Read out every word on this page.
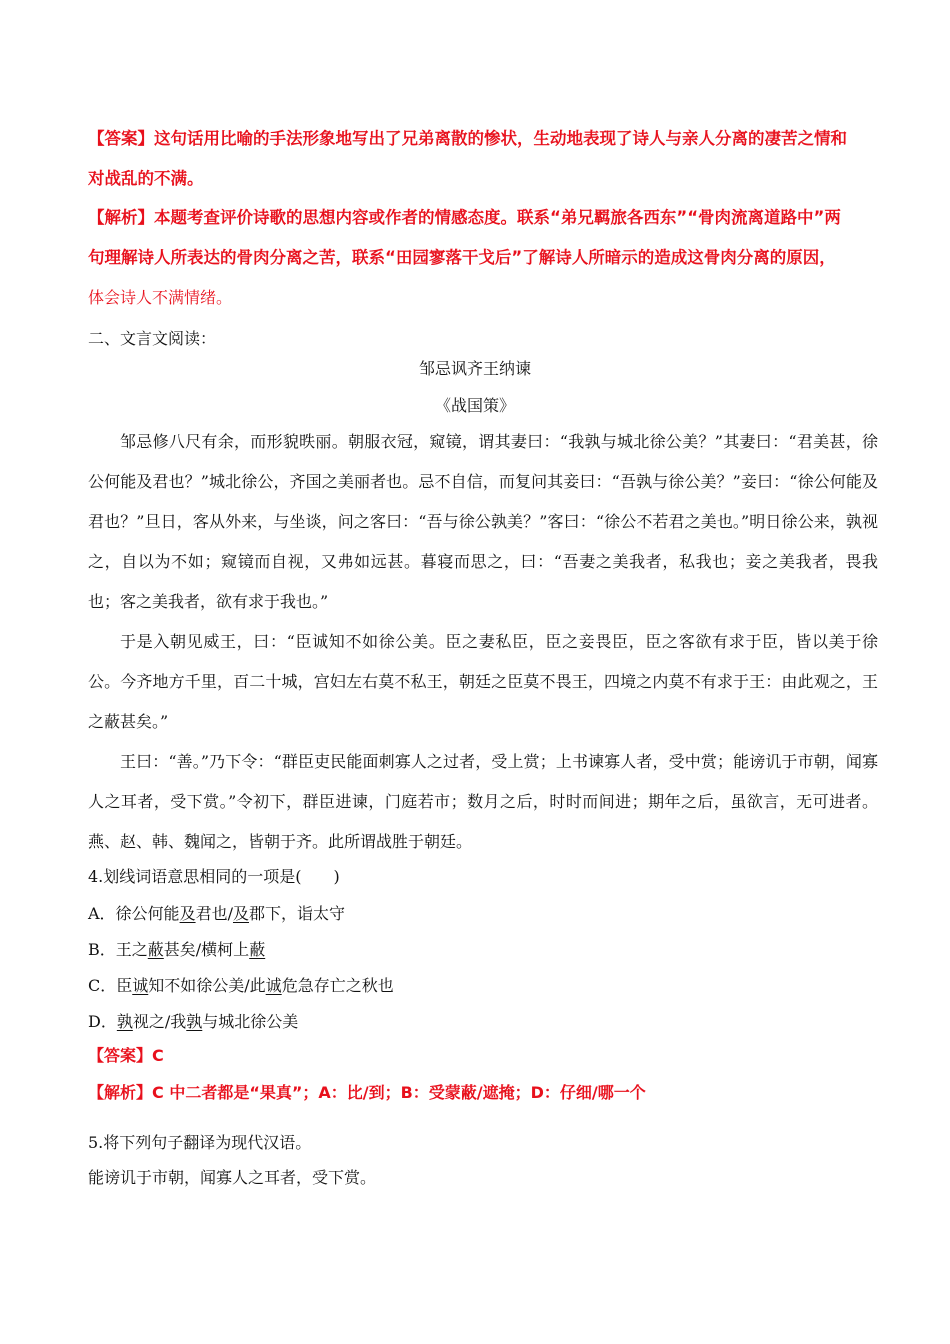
【答案】这句话用比喻的手法形象地写出了兄弟离散的惨状，生动地表现了诗人与亲人分离的凄苦之情和
对战乱的不满。
【解析】本题考查评价诗歌的思想内容或作者的情感态度。联系“弟兄羁旅各西东”“骨肉流离道路中”两
句理解诗人所表达的骨肉分离之苦，联系“田园寥落干戈后”了解诗人所暗示的造成这骨肉分离的原因，
体会诗人不满情绪。
二、文言文阅读：
邹忌讽齐王纳谏
《战国策》
邹忌修八尺有余，而形貌昳丽。朝服衣冠，窥镜，谓其妻曰：“我孰与城北徐公美？”其妻曰：“君美甚，徐公何能及君也？”城北徐公，齐国之美丽者也。忌不自信，而复问其妾曰：“吾孰与徐公美？”妾曰：“徐公何能及君也？”旦日，客从外来，与坐谈，问之客曰：“吾与徐公孰美？”客曰：“徐公不若君之美也。”明日徐公来，孰视之，自以为不如；窥镜而自视，又弗如远甚。暮寝而思之，曰：“吾妻之美我者，私我也；妾之美我者，畏我也；客之美我者，欲有求于我也。”
于是入朝见威王，曰：“臣诚知不如徐公美。臣之妻私臣，臣之妾畏臣，臣之客欲有求于臣，皆以美于徐公。今齐地方千里，百二十城，宫妇左右莫不私王，朝廷之臣莫不畏王，四境之内莫不有求于王：由此观之，王之蔽甚矣。”
王曰：“善。”乃下令：“群臣吏民能面刺寡人之过者，受上赏；上书谏寡人者，受中赏；能谤讥于市朝，闻寡人之耳者，受下赏。”令初下，群臣进谏，门庭若市；数月之后，时时而间进；期年之后，虽欲言，无可进者。燕、赵、韩、魏闻之，皆朝于齐。此所谓战胜于朝廷。
4.划线词语意思相同的一项是(　　)
A．徐公何能及君也/及郡下，诣太守
B．王之蔽甚矣/横柯上蔽
C．臣诚知不如徐公美/此诚危急存亡之秋也
D．孰视之/我孰与城北徐公美
【答案】C
【解析】C 中二者都是“果真”；A：比/到；B：受蒙蔽/遮掩；D：仔细/哪一个
5.将下列句子翻译为现代汉语。
能谤讥于市朝，闻寡人之耳者，受下赏。
